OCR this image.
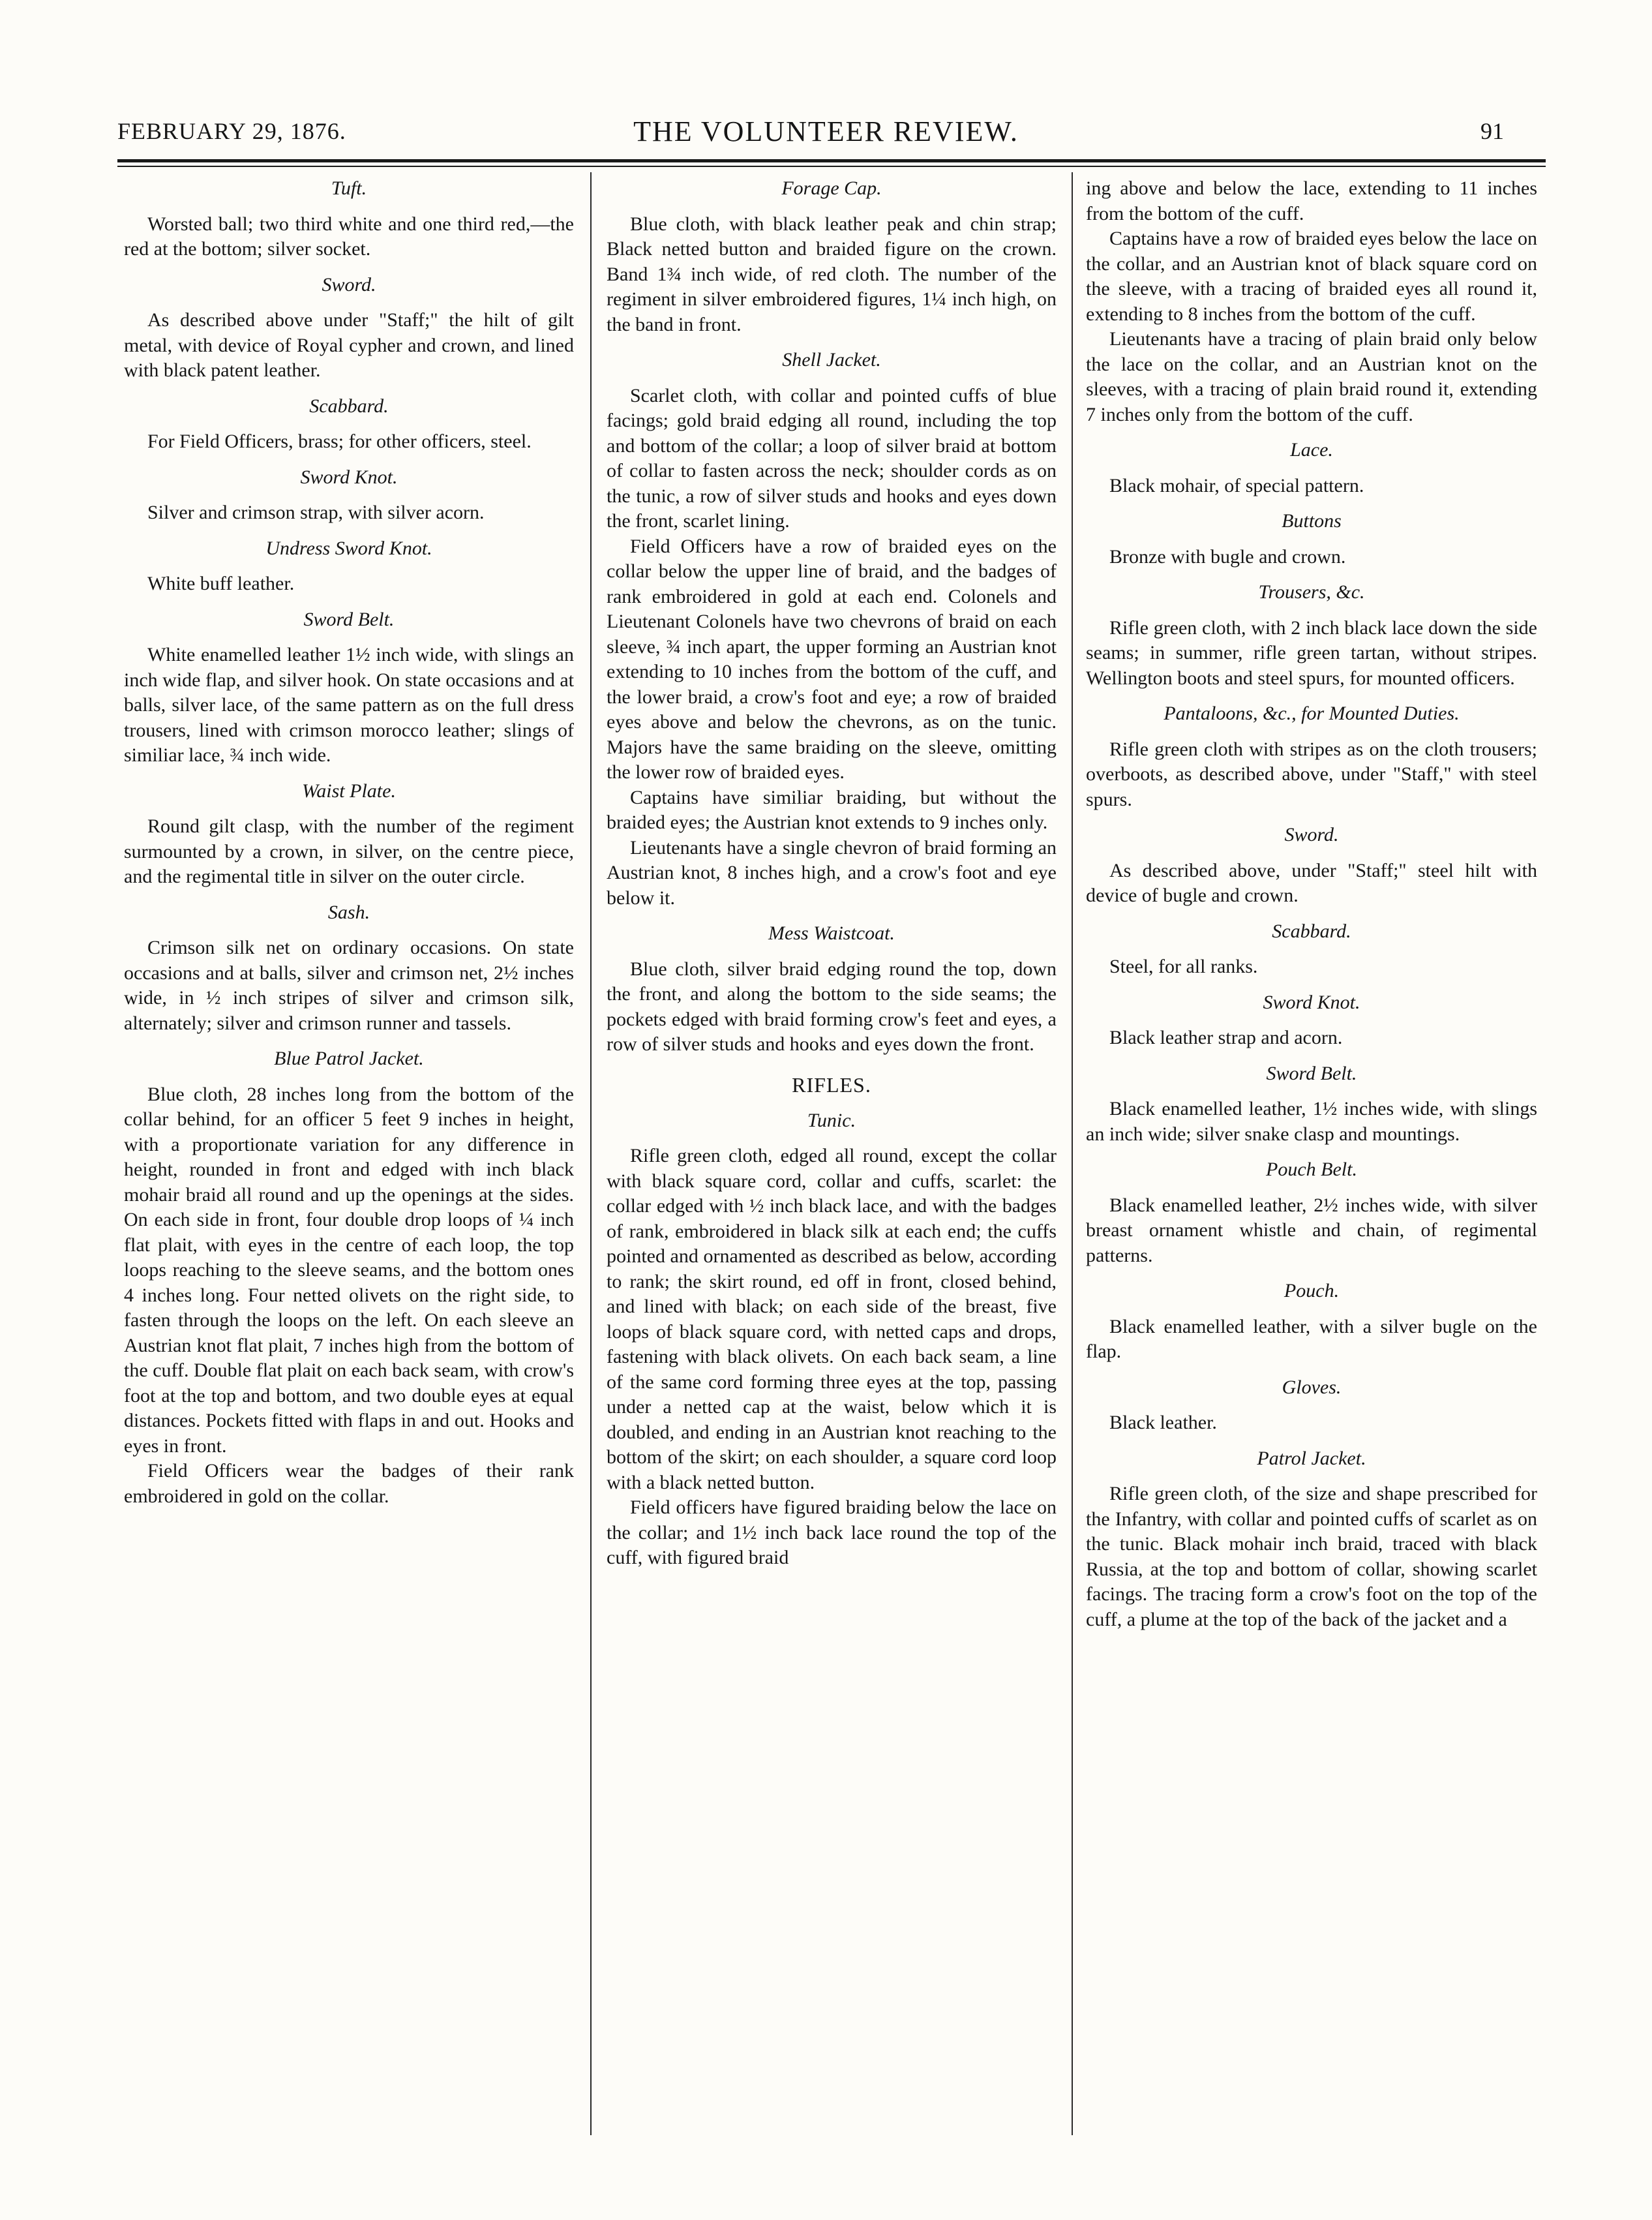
FEBRUARY 29, 1876.	THE VOLUNTEER REVIEW.	91
Tuft.

Worsted ball; two third white and one third red,—the red at the bottom; silver socket.

Sword.

As described above under "Staff;" the hilt of gilt metal, with device of Royal cypher and crown, and lined with black patent leather.

Scabbard.

For Field Officers, brass; for other officers, steel.

Sword Knot.

Silver and crimson strap, with silver acorn.

Undress Sword Knot.

White buff leather.

Sword Belt.

White enamelled leather 1½ inch wide, with slings an inch wide flap, and silver hook. On state occasions and at balls, silver lace, of the same pattern as on the full dress trousers, lined with crimson morocco leather; slings of similiar lace, ¾ inch wide.

Waist Plate.

Round gilt clasp, with the number of the regiment surmounted by a crown, in silver, on the centre piece, and the regimental title in silver on the outer circle.

Sash.

Crimson silk net on ordinary occasions. On state occasions and at balls, silver and crimson net, 2½ inches wide, in ½ inch stripes of silver and crimson silk, alternately; silver and crimson runner and tassels.

Blue Patrol Jacket.

Blue cloth, 28 inches long from the bottom of the collar behind, for an officer 5 feet 9 inches in height, with a proportionate variation for any difference in height, rounded in front and edged with inch black mohair braid all round and up the openings at the sides. On each side in front, four double drop loops of ¼ inch flat plait, with eyes in the centre of each loop, the top loops reaching to the sleeve seams, and the bottom ones 4 inches long. Four netted olivets on the right side, to fasten through the loops on the left. On each sleeve an Austrian knot flat plait, 7 inches high from the bottom of the cuff. Double flat plait on each back seam, with crow's foot at the top and bottom, and two double eyes at equal distances. Pockets fitted with flaps in and out. Hooks and eyes in front.

Field Officers wear the badges of their rank embroidered in gold on the collar.

Forage Cap.

Blue cloth, with black leather peak and chin strap; Black netted button and braided figure on the crown. Band 1¾ inch wide, of red cloth. The number of the regiment in silver embroidered figures, 1¼ inch high, on the band in front.

Shell Jacket.

Scarlet cloth, with collar and pointed cuffs of blue facings; gold braid edging all round, including the top and bottom of the collar; a loop of silver braid at bottom of collar to fasten across the neck; shoulder cords as on the tunic, a row of silver studs and hooks and eyes down the front, scarlet lining.

Field Officers have a row of braided eyes on the collar below the upper line of braid, and the badges of rank embroidered in gold at each end. Colonels and Lieutenant Colonels have two chevrons of braid on each sleeve, ¾ inch apart, the upper forming an Austrian knot extending to 10 inches from the bottom of the cuff, and the lower braid, a crow's foot and eye; a row of braided eyes above and below the chevrons, as on the tunic. Majors have the same braiding on the sleeve, omitting the lower row of braided eyes.

Captains have similiar braiding, but without the braided eyes; the Austrian knot extends to 9 inches only.

Lieutenants have a single chevron of braid forming an Austrian knot, 8 inches high, and a crow's foot and eye below it.

Mess Waistcoat.

Blue cloth, silver braid edging round the top, down the front, and along the bottom to the side seams; the pockets edged with braid forming crow's feet and eyes, a row of silver studs and hooks and eyes down the front.

RIFLES.
Tunic.

Rifle green cloth, edged all round, except the collar with black square cord, collar and cuffs, scarlet: the collar edged with ½ inch black lace, and with the badges of rank, embroidered in black silk at each end; the cuffs pointed and ornamented as described as below, according to rank; the skirt round, ed off in front, closed behind, and lined with black; on each side of the breast, five loops of black square cord, with netted caps and drops, fastening with black olivets. On each back seam, a line of the same cord forming three eyes at the top, passing under a netted cap at the waist, below which it is doubled, and ending in an Austrian knot reaching to the bottom of the skirt; on each shoulder, a square cord loop with a black netted button.

Field officers have figured braiding below the lace on the collar; and 1½ inch back lace round the top of the cuff, with figured braid

ing above and below the lace, extending to 11 inches from the bottom of the cuff.

Captains have a row of braided eyes below the lace on the collar, and an Austrian knot of black square cord on the sleeve, with a tracing of braided eyes all round it, extending to 8 inches from the bottom of the cuff.

Lieutenants have a tracing of plain braid only below the lace on the collar, and an Austrian knot on the sleeves, with a tracing of plain braid round it, extending 7 inches only from the bottom of the cuff.

Lace.

Black mohair, of special pattern.

Buttons

Bronze with bugle and crown.

Trousers, &c.

Rifle green cloth, with 2 inch black lace down the side seams; in summer, rifle green tartan, without stripes. Wellington boots and steel spurs, for mounted officers.

Pantaloons, &c., for Mounted Duties.

Rifle green cloth with stripes as on the cloth trousers; overboots, as described above, under "Staff," with steel spurs.

Sword.

As described above, under "Staff;" steel hilt with device of bugle and crown.

Scabbard.

Steel, for all ranks.

Sword Knot.

Black leather strap and acorn.

Sword Belt.

Black enamelled leather, 1½ inches wide, with slings an inch wide; silver snake clasp and mountings.

Pouch Belt.

Black enamelled leather, 2½ inches wide, with silver breast ornament whistle and chain, of regimental patterns.

Pouch.

Black enamelled leather, with a silver bugle on the flap.

Gloves.

Black leather.

Patrol Jacket.

Rifle green cloth, of the size and shape prescribed for the Infantry, with collar and pointed cuffs of scarlet as on the tunic. Black mohair inch braid, traced with black Russia, at the top and bottom of collar, showing scarlet facings. The tracing form a crow's foot on the top of the cuff, a plume at the top of the back of the jacket and a
